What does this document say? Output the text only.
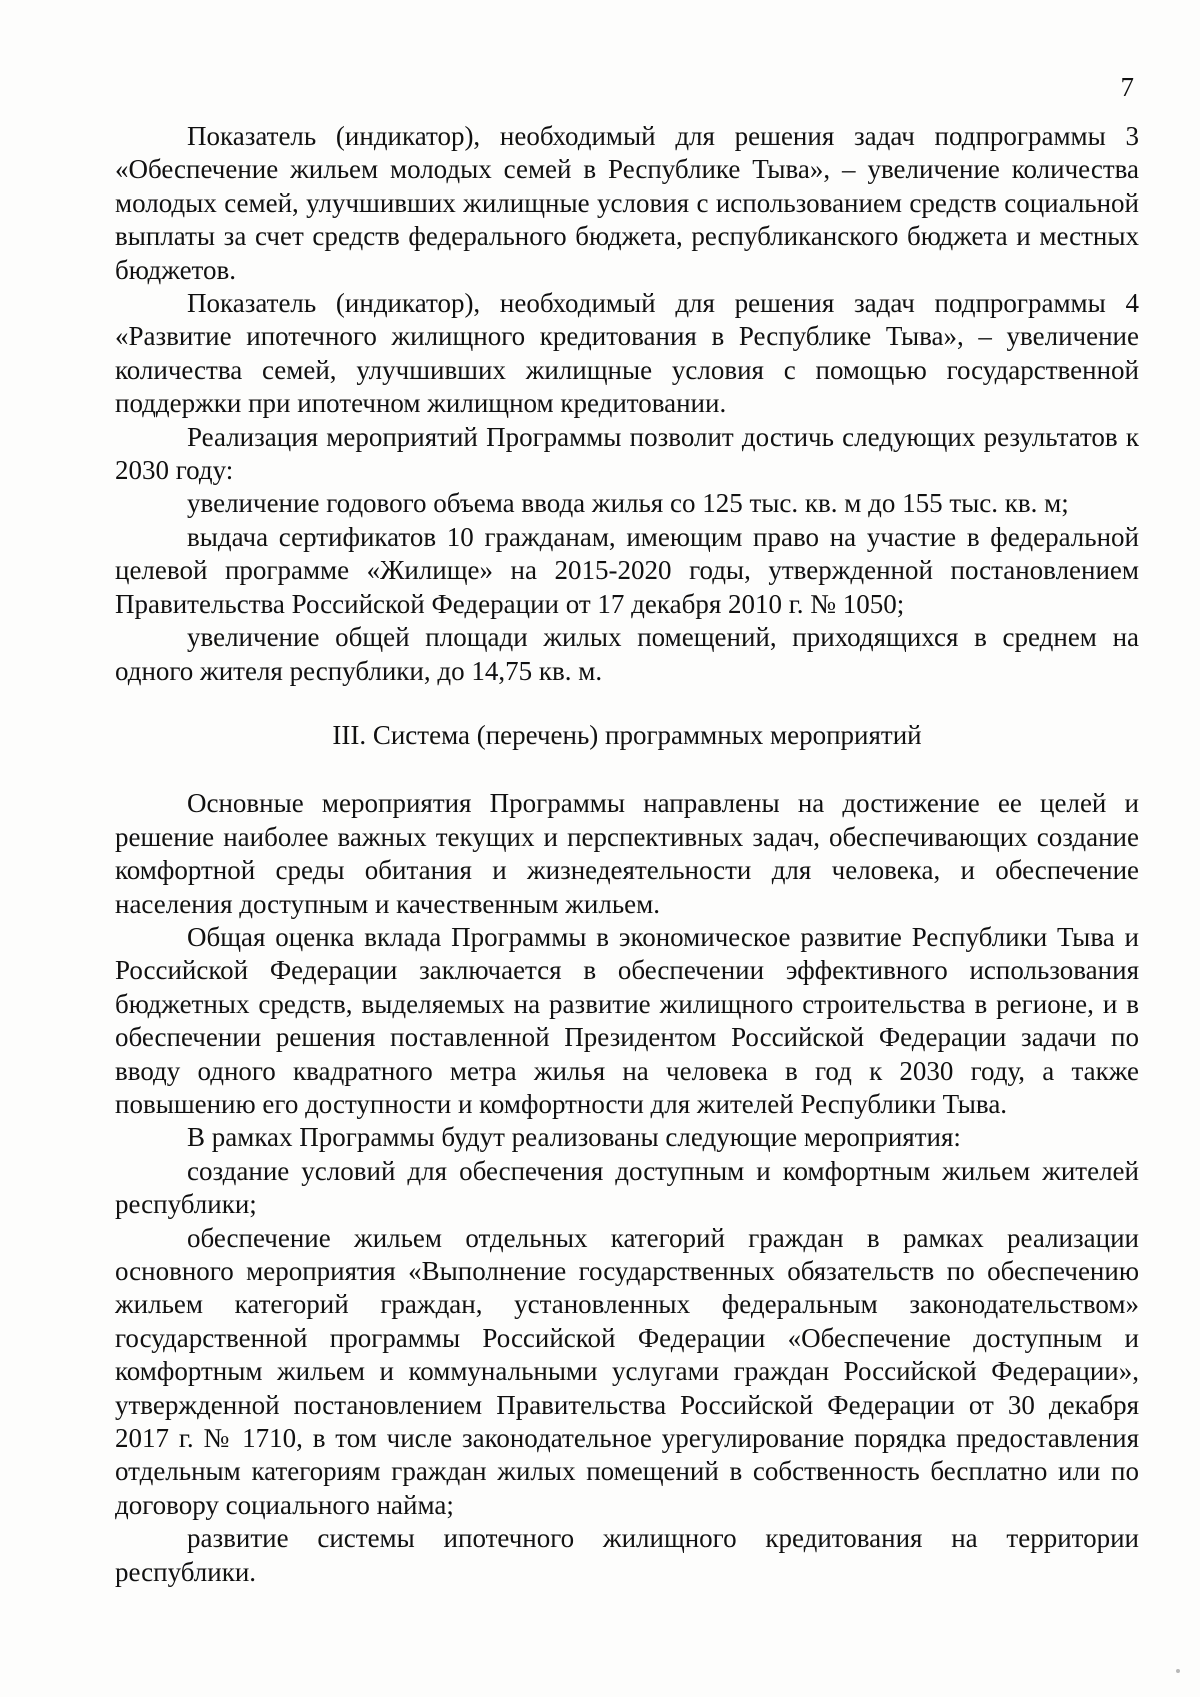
7

Показатель (индикатор), необходимый для решения задач подпрограммы 3 «Обеспечение жильем молодых семей в Республике Тыва», – увеличение количества молодых семей, улучшивших жилищные условия с использованием средств социальной выплаты за счет средств федерального бюджета, республиканского бюджета и местных бюджетов.

Показатель (индикатор), необходимый для решения задач подпрограммы 4 «Развитие ипотечного жилищного кредитования в Республике Тыва», – увеличение количества семей, улучшивших жилищные условия с помощью государственной поддержки при ипотечном жилищном кредитовании.

Реализация мероприятий Программы позволит достичь следующих результатов к 2030 году:

увеличение годового объема ввода жилья со 125 тыс. кв. м до 155 тыс. кв. м;

выдача сертификатов 10 гражданам, имеющим право на участие в федеральной целевой программе «Жилище» на 2015-2020 годы, утвержденной постановлением Правительства Российской Федерации от 17 декабря 2010 г. № 1050;

увеличение общей площади жилых помещений, приходящихся в среднем на одного жителя республики, до 14,75 кв. м.

III. Система (перечень) программных мероприятий

Основные мероприятия Программы направлены на достижение ее целей и решение наиболее важных текущих и перспективных задач, обеспечивающих создание комфортной среды обитания и жизнедеятельности для человека, и обеспечение населения доступным и качественным жильем.

Общая оценка вклада Программы в экономическое развитие Республики Тыва и Российской Федерации заключается в обеспечении эффективного использования бюджетных средств, выделяемых на развитие жилищного строительства в регионе, и в обеспечении решения поставленной Президентом Российской Федерации задачи по вводу одного квадратного метра жилья на человека в год к 2030 году, а также повышению его доступности и комфортности для жителей Республики Тыва.

В рамках Программы будут реализованы следующие мероприятия:

создание условий для обеспечения доступным и комфортным жильем жителей республики;

обеспечение жильем отдельных категорий граждан в рамках реализации основного мероприятия «Выполнение государственных обязательств по обеспечению жильем категорий граждан, установленных федеральным законодательством» государственной программы Российской Федерации «Обеспечение доступным и комфортным жильем и коммунальными услугами граждан Российской Федерации», утвержденной постановлением Правительства Российской Федерации от 30 декабря 2017 г. № 1710, в том числе законодательное урегулирование порядка предоставления отдельным категориям граждан жилых помещений в собственность бесплатно или по договору социального найма;

развитие системы ипотечного жилищного кредитования на территории республики.
